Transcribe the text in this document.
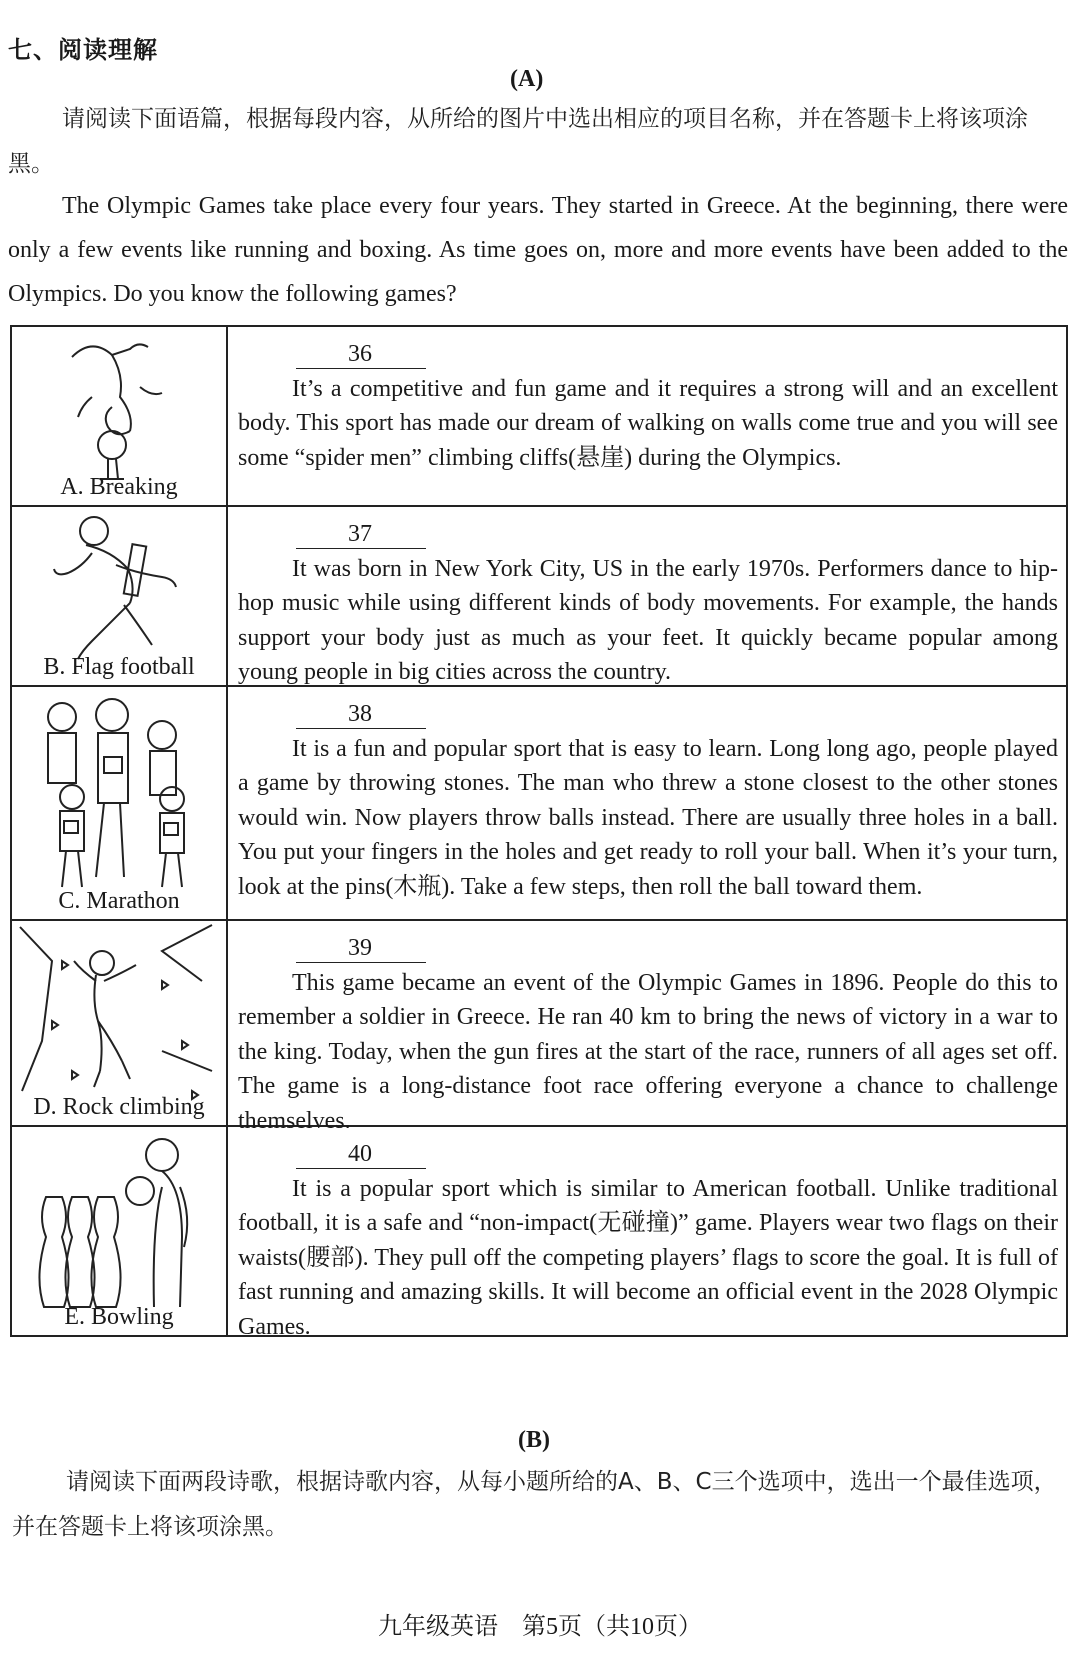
七、阅读理解
(A)
请阅读下面语篇，根据每段内容，从所给的图片中选出相应的项目名称，并在答题卡上将该项涂黑。
The Olympic Games take place every four years. They started in Greece. At the beginning, there were only a few events like running and boxing. As time goes on, more and more events have been added to the Olympics. Do you know the following games?
A. Breaking
36

It’s a competitive and fun game and it requires a strong will and an excellent body. This sport has made our dream of walking on walls come true and you will see some “spider men” climbing cliffs(悬崖) during the Olympics.

B. Flag football
37

It was born in New York City, US in the early 1970s. Performers dance to hip-hop music while using different kinds of body movements. For example, the hands support your body just as much as your feet. It quickly became popular among young people in big cities across the country.

C. Marathon
38

It is a fun and popular sport that is easy to learn. Long long ago, people played a game by throwing stones. The man who threw a stone closest to the other stones would win. Now players throw balls instead. There are usually three holes in a ball. You put your fingers in the holes and get ready to roll your ball. When it’s your turn, look at the pins(木瓶). Take a few steps, then roll the ball toward them.

D. Rock climbing
39

This game became an event of the Olympic Games in 1896. People do this to remember a soldier in Greece. He ran 40 km to bring the news of victory in a war to the king. Today, when the gun fires at the start of the race, runners of all ages set off. The game is a long-distance foot race offering everyone a chance to challenge themselves.

E. Bowling
40

It is a popular sport which is similar to American football. Unlike traditional football, it is a safe and “non-impact(无碰撞)” game. Players wear two flags on their waists(腰部). They pull off the competing players’ flags to score the goal. It is full of fast running and amazing skills. It will become an official event in the 2028 Olympic Games.

(B)
请阅读下面两段诗歌，根据诗歌内容，从每小题所给的A、B、C三个选项中，选出一个最佳选项，并在答题卡上将该项涂黑。
九年级英语　第5页（共10页）
